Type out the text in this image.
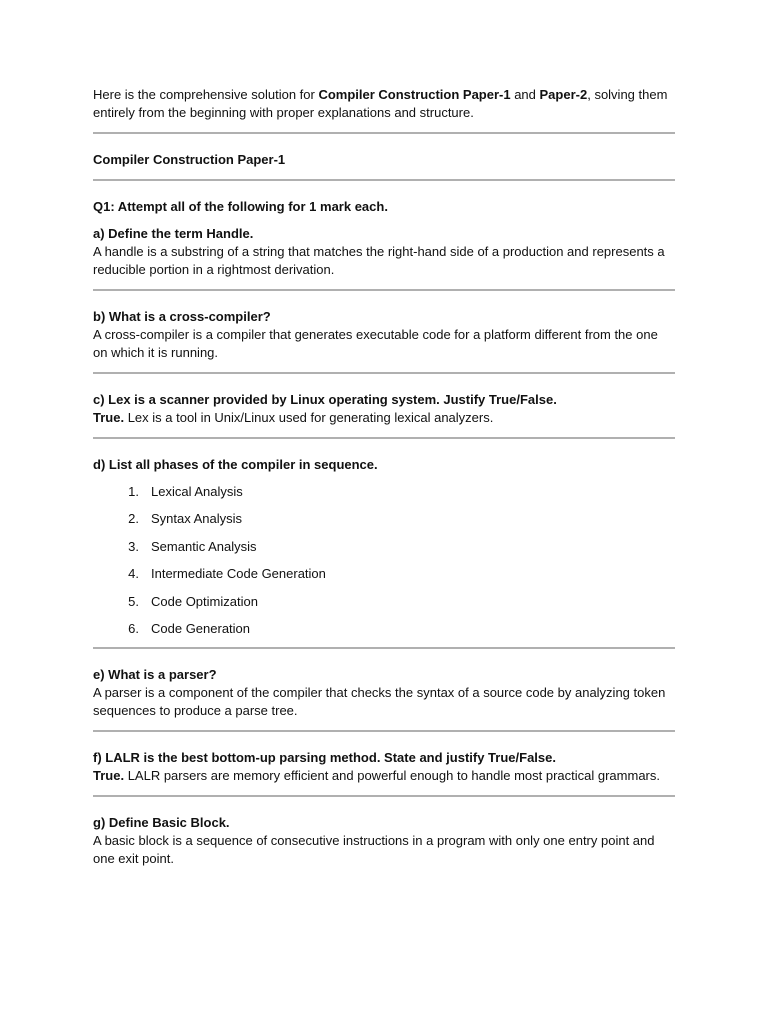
Here is the comprehensive solution for Compiler Construction Paper-1 and Paper-2, solving them entirely from the beginning with proper explanations and structure.

Compiler Construction Paper-1

Q1: Attempt all of the following for 1 mark each.

a) Define the term Handle.

A handle is a substring of a string that matches the right-hand side of a production and represents a reducible portion in a rightmost derivation.

b) What is a cross-compiler?

A cross-compiler is a compiler that generates executable code for a platform different from the one on which it is running.

c) Lex is a scanner provided by Linux operating system. Justify True/False.

True. Lex is a tool in Unix/Linux used for generating lexical analyzers.

d) List all phases of the compiler in sequence.

1. Lexical Analysis
2. Syntax Analysis
3. Semantic Analysis
4. Intermediate Code Generation
5. Code Optimization
6. Code Generation

e) What is a parser?

A parser is a component of the compiler that checks the syntax of a source code by analyzing token sequences to produce a parse tree.

f) LALR is the best bottom-up parsing method. State and justify True/False.

True. LALR parsers are memory efficient and powerful enough to handle most practical grammars.

g) Define Basic Block.

A basic block is a sequence of consecutive instructions in a program with only one entry point and one exit point.
